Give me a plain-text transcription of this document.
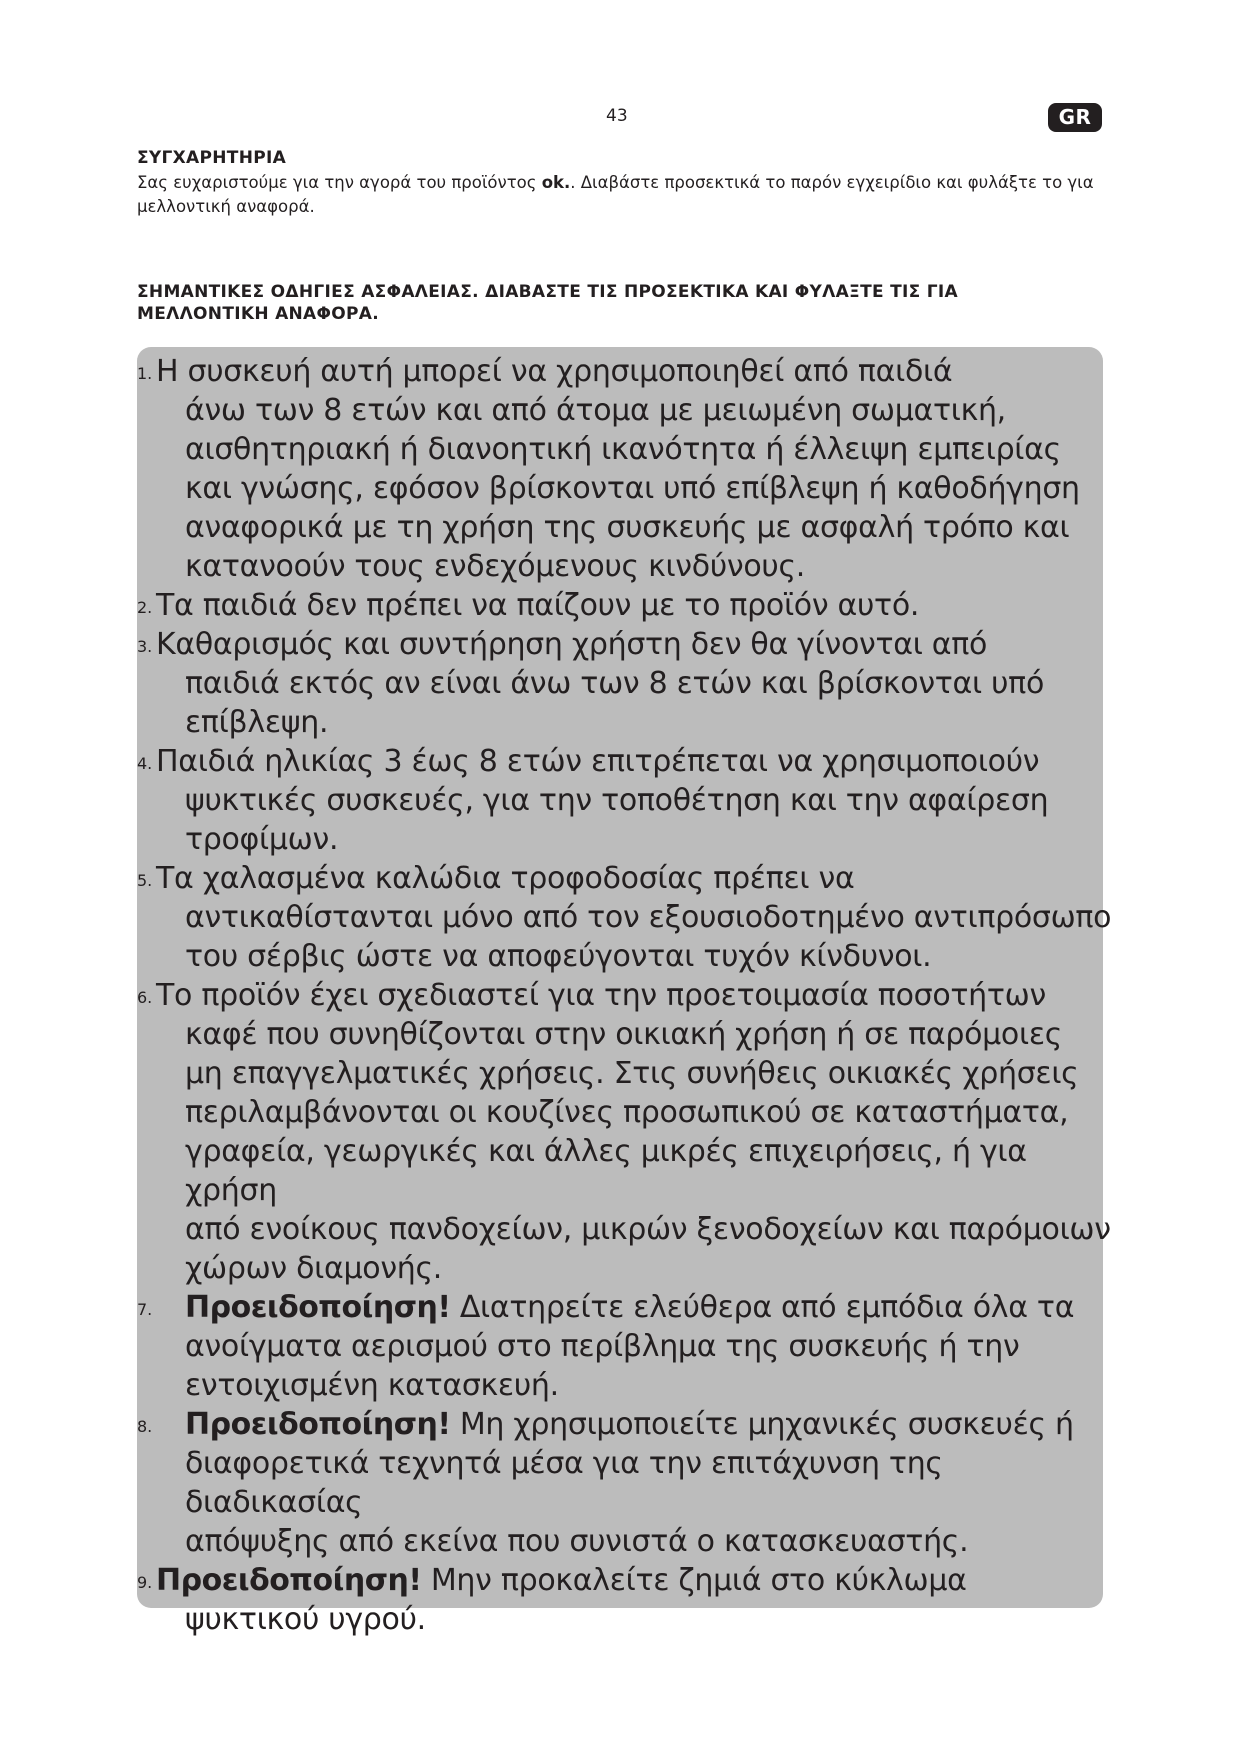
43	GR
ΣΥΓΧΑΡΗΤΗΡΙΑ
Σας ευχαριστούμε για την αγορά του προϊόντος ok.. Διαβάστε προσεκτικά το παρόν εγχειρίδιο και φυλάξτε το για μελλοντική αναφορά.
ΣΗΜΑΝΤΙΚΕΣ ΟΔΗΓΙΕΣ ΑΣΦΑΛΕΙΑΣ. ΔΙΑΒΑΣΤΕ ΤΙΣ ΠΡΟΣΕΚΤΙΚΑ ΚΑΙ ΦΥΛΑΞΤΕ ΤΙΣ ΓΙΑ ΜΕΛΛΟΝΤΙΚΗ ΑΝΑΦΟΡΑ.
1. Η συσκευή αυτή μπορεί να χρησιμοποιηθεί από παιδιά
άνω των 8 ετών και από άτομα με μειωμένη σωματική,
αισθητηριακή ή διανοητική ικανότητα ή έλλειψη εμπειρίας
και γνώσης, εφόσον βρίσκονται υπό επίβλεψη ή καθοδήγηση
αναφορικά με τη χρήση της συσκευής με ασφαλή τρόπο και
κατανοούν τους ενδεχόμενους κινδύνους.
2. Τα παιδιά δεν πρέπει να παίζουν με το προϊόν αυτό.
3. Καθαρισμός και συντήρηση χρήστη δεν θα γίνονται από
παιδιά εκτός αν είναι άνω των 8 ετών και βρίσκονται υπό
επίβλεψη.
4. Παιδιά ηλικίας 3 έως 8 ετών επιτρέπεται να χρησιμοποιούν
ψυκτικές συσκευές, για την τοποθέτηση και την αφαίρεση
τροφίμων.
5. Τα χαλασμένα καλώδια τροφοδοσίας πρέπει να
αντικαθίστανται μόνο από τον εξουσιοδοτημένο αντιπρόσωπο
του σέρβις ώστε να αποφεύγονται τυχόν κίνδυνοι.
6. Το προϊόν έχει σχεδιαστεί για την προετοιμασία ποσοτήτων
καφέ που συνηθίζονται στην οικιακή χρήση ή σε παρόμοιες
μη επαγγελματικές χρήσεις. Στις συνήθεις οικιακές χρήσεις
περιλαμβάνονται οι κουζίνες προσωπικού σε καταστήματα,
γραφεία, γεωργικές και άλλες μικρές επιχειρήσεις, ή για χρήση
από ενοίκους πανδοχείων, μικρών ξενοδοχείων και παρόμοιων
χώρων διαμονής.
7. Προειδοποίηση! Διατηρείτε ελεύθερα από εμπόδια όλα τα
ανοίγματα αερισμού στο περίβλημα της συσκευής ή την
εντοιχισμένη κατασκευή.
8. Προειδοποίηση! Μη χρησιμοποιείτε μηχανικές συσκευές ή
διαφορετικά τεχνητά μέσα για την επιτάχυνση της διαδικασίας
απόψυξης από εκείνα που συνιστά ο κατασκευαστής.
9. Προειδοποίηση! Μην προκαλείτε ζημιά στο κύκλωμα
ψυκτικού υγρού.
